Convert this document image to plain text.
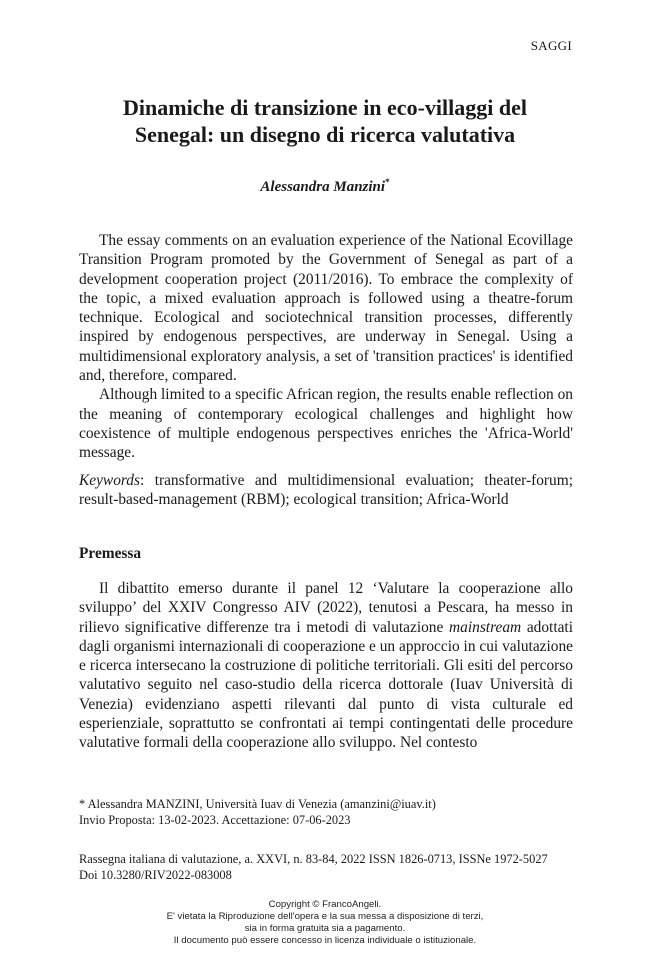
SAGGI
Dinamiche di transizione in eco-villaggi del
Senegal: un disegno di ricerca valutativa
Alessandra Manzini*

The essay comments on an evaluation experience of the National Ecovillage Transition Program promoted by the Government of Senegal as part of a development cooperation project (2011/2016). To embrace the complexity of the topic, a mixed evaluation approach is followed using a theatre-forum technique. Ecological and sociotechnical transition processes, differently inspired by endogenous perspectives, are underway in Senegal. Using a multidimensional exploratory analysis, a set of 'transition practices' is identified and, therefore, compared.

Although limited to a specific African region, the results enable reflection on the meaning of contemporary ecological challenges and highlight how coexistence of multiple endogenous perspectives enriches the 'Africa-World' message.

Keywords: transformative and multidimensional evaluation; theater-forum; result-based-management (RBM); ecological transition; Africa-World
Premessa

Il dibattito emerso durante il panel 12 ‘Valutare la cooperazione allo sviluppo’ del XXIV Congresso AIV (2022), tenutosi a Pescara, ha messo in rilievo significative differenze tra i metodi di valutazione mainstream adottati dagli organismi internazionali di cooperazione e un approccio in cui valutazione e ricerca intersecano la costruzione di politiche territoriali. Gli esiti del percorso valutativo seguito nel caso-studio della ricerca dottorale (Iuav Università di Venezia) evidenziano aspetti rilevanti dal punto di vista culturale ed esperienziale, soprattutto se confrontati ai tempi contingentati delle procedure valutative formali della cooperazione allo sviluppo. Nel contesto

* Alessandra MANZINI, Università Iuav di Venezia (amanzini@iuav.it)
Invio Proposta: 13-02-2023. Accettazione: 07-06-2023
Rassegna italiana di valutazione, a. XXVI, n. 83-84, 2022 ISSN 1826-0713, ISSNe 1972-5027
Doi 10.3280/RIV2022-083008
Copyright © FrancoAngeli.
E' vietata la Riproduzione dell'opera e la sua messa a disposizione di terzi,
sia in forma gratuita sia a pagamento.
Il documento può essere concesso in licenza individuale o istituzionale.
